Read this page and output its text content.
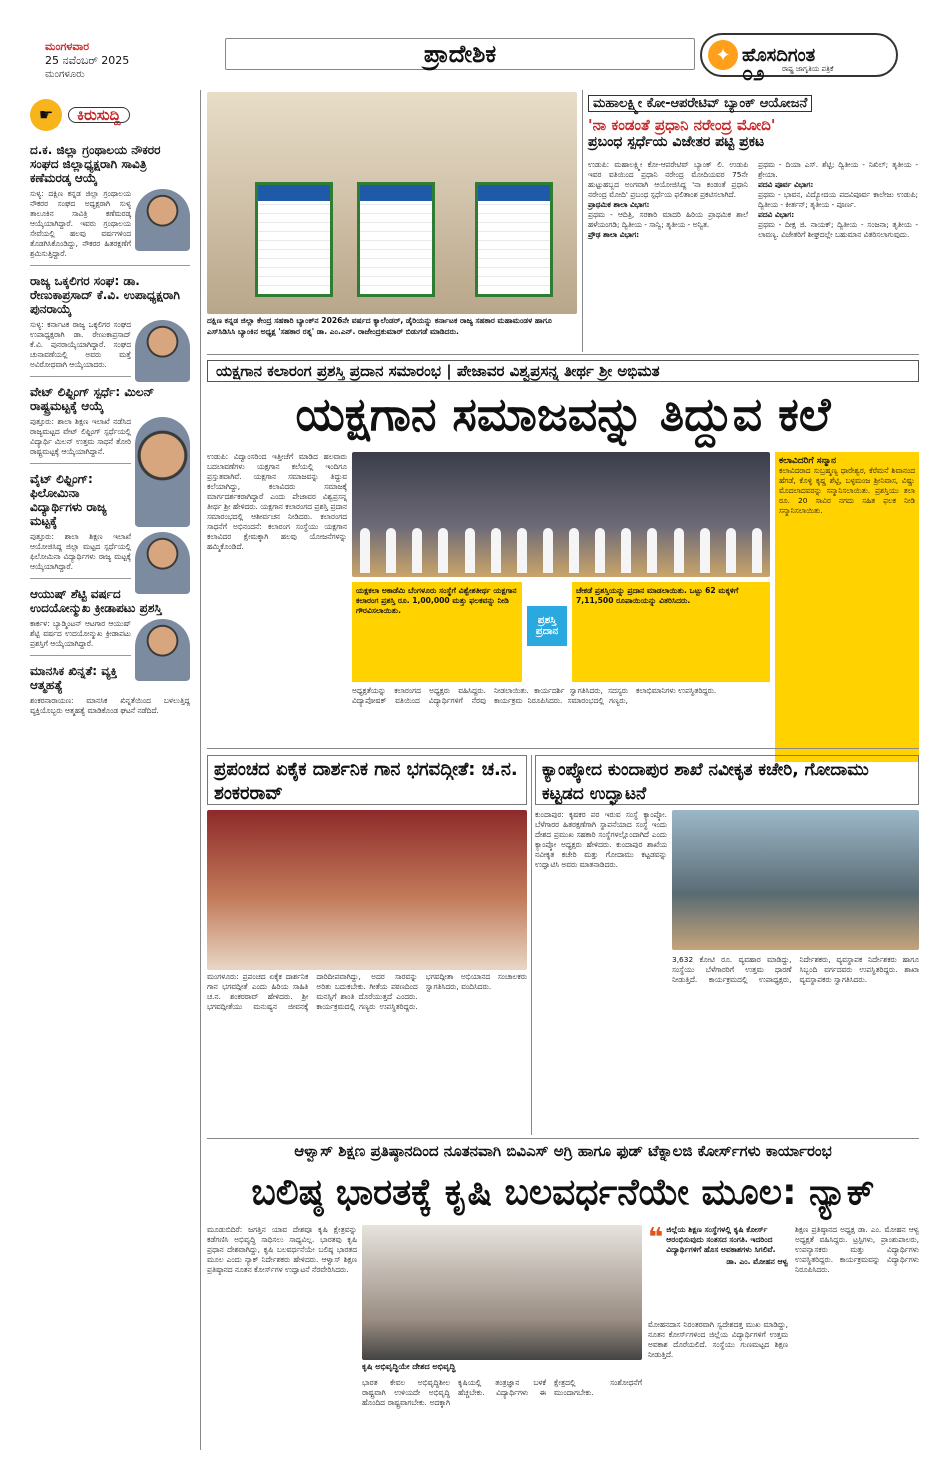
ಮಂಗಳವಾರ
25 ನವೆಂಬರ್ 2025
ಮಂಗಳೂರು
ಪ್ರಾದೇಶಿಕ	✦ ಹೊಸದಿಗಂತ
೦೨	ರಾಷ್ಟ್ರ ಜಾಗೃತಿಯ ಪತ್ರಿಕೆ
☛	ಕಿರುಸುದ್ದಿ
ದ.ಕ. ಜಿಲ್ಲಾ ಗ್ರಂಥಾಲಯ ನೌಕರರ ಸಂಘದ ಜಿಲ್ಲಾಧ್ಯಕ್ಷರಾಗಿ ಸಾವಿತ್ರಿ ಕಣೆಮರಡ್ಕ ಆಯ್ಕೆ

ಸುಳ್ಯ: ದಕ್ಷಿಣ ಕನ್ನಡ ಜಿಲ್ಲಾ ಗ್ರಂಥಾಲಯ ನೌಕರರ ಸಂಘದ ಅಧ್ಯಕ್ಷರಾಗಿ ಸುಳ್ಯ ತಾಲೂಕಿನ ಸಾವಿತ್ರಿ ಕಣೆಮರಡ್ಕ ಆಯ್ಕೆಯಾಗಿದ್ದಾರೆ. ಇವರು ಗ್ರಂಥಾಲಯ ಸೇವೆಯಲ್ಲಿ ಹಲವು ವರ್ಷಗಳಿಂದ ತೊಡಗಿಸಿಕೊಂಡಿದ್ದು, ನೌಕರರ ಹಿತರಕ್ಷಣೆಗೆ ಶ್ರಮಿಸುತ್ತಿದ್ದಾರೆ.

ರಾಜ್ಯ ಒಕ್ಕಲಿಗರ ಸಂಘ: ಡಾ. ರೇಣುಕಾಪ್ರಸಾದ್ ಕೆ.ವಿ. ಉಪಾಧ್ಯಕ್ಷರಾಗಿ ಪುನರಾಯ್ಕೆ

ಸುಳ್ಯ: ಕರ್ನಾಟಕ ರಾಜ್ಯ ಒಕ್ಕಲಿಗರ ಸಂಘದ ಉಪಾಧ್ಯಕ್ಷರಾಗಿ ಡಾ. ರೇಣುಕಾಪ್ರಸಾದ್ ಕೆ.ವಿ. ಪುನರಾಯ್ಕೆಯಾಗಿದ್ದಾರೆ. ಸಂಘದ ಚುನಾವಣೆಯಲ್ಲಿ ಅವರು ಮತ್ತೆ ಅವಿರೋಧವಾಗಿ ಆಯ್ಕೆಯಾದರು.

ವೇಟ್ ಲಿಫ್ಟಿಂಗ್ ಸ್ಪರ್ಧೆ: ಮಿಲನ್ ರಾಷ್ಟ್ರಮಟ್ಟಕ್ಕೆ ಆಯ್ಕೆ

ಪುತ್ತೂರು: ಶಾಲಾ ಶಿಕ್ಷಣ ಇಲಾಖೆ ನಡೆಸಿದ ರಾಜ್ಯಮಟ್ಟದ ವೇಟ್ ಲಿಫ್ಟಿಂಗ್ ಸ್ಪರ್ಧೆಯಲ್ಲಿ ವಿದ್ಯಾರ್ಥಿ ಮಿಲನ್ ಉತ್ತಮ ಸಾಧನೆ ತೋರಿ ರಾಷ್ಟ್ರಮಟ್ಟಕ್ಕೆ ಆಯ್ಕೆಯಾಗಿದ್ದಾನೆ.

ವೈಟ್ ಲಿಫ್ಟಿಂಗ್: ಫಿಲೋಮಿನಾ ವಿದ್ಯಾರ್ಥಿಗಳು ರಾಜ್ಯ ಮಟ್ಟಕ್ಕೆ

ಪುತ್ತೂರು: ಶಾಲಾ ಶಿಕ್ಷಣ ಇಲಾಖೆ ಆಯೋಜಿಸಿದ್ದ ಜಿಲ್ಲಾ ಮಟ್ಟದ ಸ್ಪರ್ಧೆಯಲ್ಲಿ ಫಿಲೋಮಿನಾ ವಿದ್ಯಾರ್ಥಿಗಳು ರಾಜ್ಯ ಮಟ್ಟಕ್ಕೆ ಆಯ್ಕೆಯಾಗಿದ್ದಾರೆ.

ಆಯುಷ್ ಶೆಟ್ಟಿ ವರ್ಷದ ಉದಯೋನ್ಮುಖ ಕ್ರೀಡಾಪಟು ಪ್ರಶಸ್ತಿ

ಕಾರ್ಕಳ: ಬ್ಯಾಡ್ಮಿಂಟನ್ ಆಟಗಾರ ಆಯುಷ್ ಶೆಟ್ಟಿ ವರ್ಷದ ಉದಯೋನ್ಮುಖ ಕ್ರೀಡಾಪಟು ಪ್ರಶಸ್ತಿಗೆ ಆಯ್ಕೆಯಾಗಿದ್ದಾರೆ.

ಮಾನಸಿಕ ಖಿನ್ನತೆ: ವ್ಯಕ್ತಿ ಆತ್ಮಹತ್ಯೆ

ಶಂಕರನಾರಾಯಣ: ಮಾನಸಿಕ ಖಿನ್ನತೆಯಿಂದ ಬಳಲುತ್ತಿದ್ದ ವ್ಯಕ್ತಿಯೊಬ್ಬರು ಆತ್ಮಹತ್ಯೆ ಮಾಡಿಕೊಂಡ ಘಟನೆ ನಡೆದಿದೆ.

ದಕ್ಷಿಣ ಕನ್ನಡ ಜಿಲ್ಲಾ ಕೇಂದ್ರ ಸಹಕಾರಿ ಬ್ಯಾಂಕ್‌ನ 2026ನೇ ವರ್ಷದ ಕ್ಯಾಲೆಂಡರ್, ಡೈರಿಯನ್ನು ಕರ್ನಾಟಕ ರಾಜ್ಯ ಸಹಕಾರ ಮಹಾಮಂಡಳ ಹಾಗೂ ಎಸ್‌ಸಿಡಿಸಿಸಿ ಬ್ಯಾಂಕಿನ ಅಧ್ಯಕ್ಷ 'ಸಹಕಾರ ರತ್ನ' ಡಾ. ಎಂ.ಎನ್. ರಾಜೇಂದ್ರಕುಮಾರ್ ಬಿಡುಗಡೆ ಮಾಡಿದರು.
ಮಹಾಲಕ್ಷ್ಮೀ ಕೋ-ಆಪರೇಟಿವ್ ಬ್ಯಾಂಕ್ ಆಯೋಜನೆ
'ನಾ ಕಂಡಂತೆ ಪ್ರಧಾನಿ ನರೇಂದ್ರ ಮೋದಿ'
ಪ್ರಬಂಧ ಸ್ಪರ್ಧೆಯ ವಿಜೇತರ ಪಟ್ಟಿ ಪ್ರಕಟ

ಉಡುಪಿ: ಮಹಾಲಕ್ಷ್ಮೀ ಕೋ-ಆಪರೇಟಿವ್ ಬ್ಯಾಂಕ್ ಲಿ. ಉಡುಪಿ ಇವರ ವತಿಯಿಂದ ಪ್ರಧಾನಿ ನರೇಂದ್ರ ಮೋದಿಯವರ 75ನೇ ಹುಟ್ಟುಹಬ್ಬದ ಅಂಗವಾಗಿ ಆಯೋಜಿಸಿದ್ದ 'ನಾ ಕಂಡಂತೆ ಪ್ರಧಾನಿ ನರೇಂದ್ರ ಮೋದಿ' ಪ್ರಬಂಧ ಸ್ಪರ್ಧೆಯ ಫಲಿತಾಂಶ ಪ್ರಕಟಿಸಲಾಗಿದೆ.

ಪ್ರಾಥಮಿಕ ಶಾಲಾ ವಿಭಾಗ:

ಪ್ರಥಮ - ಆದಿತ್ರಿ, ಸರಕಾರಿ ಮಾದರಿ ಹಿರಿಯ ಪ್ರಾಥಮಿಕ ಶಾಲೆ ಹಳೆಯಂಗಡಿ; ದ್ವಿತೀಯ - ಸಾನ್ವಿ; ತೃತೀಯ - ಅನ್ವಿತ.

ಪ್ರೌಢ ಶಾಲಾ ವಿಭಾಗ:

ಪ್ರಥಮ - ದಿಯಾ ಎಸ್. ಶೆಟ್ಟಿ; ದ್ವಿತೀಯ - ನಿಖಿಲ್; ತೃತೀಯ - ಶ್ರೇಯಾ.

ಪದವಿ ಪೂರ್ವ ವಿಭಾಗ:

ಪ್ರಥಮ - ಭಾವನ, ವಿದ್ಯೋದಯ ಪದವಿಪೂರ್ವ ಕಾಲೇಜು ಉಡುಪಿ; ದ್ವಿತೀಯ - ಕೀರ್ತನ್; ತೃತೀಯ - ಪೂರ್ಣ.

ಪದವಿ ವಿಭಾಗ:

ಪ್ರಥಮ - ದೀಕ್ಷ ಜಿ. ನಾಯಕ್; ದ್ವಿತೀಯ - ಸಂಜನಾ; ತೃತೀಯ - ಲಾವಣ್ಯ. ವಿಜೇತರಿಗೆ ಶೀಘ್ರದಲ್ಲೇ ಬಹುಮಾನ ವಿತರಿಸಲಾಗುವುದು.

ಯಕ್ಷಗಾನ ಕಲಾರಂಗ ಪ್ರಶಸ್ತಿ ಪ್ರದಾನ ಸಮಾರಂಭ | ಪೇಜಾವರ ವಿಶ್ವಪ್ರಸನ್ನ ತೀರ್ಥ ಶ್ರೀ ಅಭಿಮತ
ಯಕ್ಷಗಾನ ಸಮಾಜವನ್ನು ತಿದ್ದುವ ಕಲೆ
ಉಡುಪಿ: ವಿದ್ವಾಂಸರಿಂದ ಇತ್ತೀಚೆಗೆ ಮಾಡಿದ ಹಲವಾರು ಬದಲಾವಣೆಗಳು ಯಕ್ಷಗಾನ ಕಲೆಯಲ್ಲಿ ಇಂದಿಗೂ ಪ್ರಸ್ತುತವಾಗಿವೆ. ಯಕ್ಷಗಾನ ಸಮಾಜವನ್ನು ತಿದ್ದುವ ಕಲೆಯಾಗಿದ್ದು, ಕಲಾವಿದರು ಸಮಾಜಕ್ಕೆ ಮಾರ್ಗದರ್ಶಕರಾಗಿದ್ದಾರೆ ಎಂದು ಪೇಜಾವರ ವಿಶ್ವಪ್ರಸನ್ನ ತೀರ್ಥ ಶ್ರೀ ಹೇಳಿದರು. ಯಕ್ಷಗಾನ ಕಲಾರಂಗದ ಪ್ರಶಸ್ತಿ ಪ್ರದಾನ ಸಮಾರಂಭದಲ್ಲಿ ಆಶೀರ್ವಚನ ನೀಡಿದರು. ಕಲಾರಂಗದ ಸಾಧನೆಗೆ ಅಭಿನಂದನೆ: ಕಲಾರಂಗ ಸಂಸ್ಥೆಯು ಯಕ್ಷಗಾನ ಕಲಾವಿದರ ಕ್ಷೇಮಕ್ಕಾಗಿ ಹಲವು ಯೋಜನೆಗಳನ್ನು ಹಮ್ಮಿಕೊಂಡಿದೆ.
ಕಲಾವಿದರಿಗೆ ಸನ್ಮಾನ

ಕಲಾವಿದರಾದ ಸುಬ್ರಹ್ಮಣ್ಯ ಧಾರೇಶ್ವರ, ಕೆರೆಮನೆ ಶಿವಾನಂದ ಹೆಗಡೆ, ಕೊಳ್ಳಿ ಕೃಷ್ಣ ಶೆಟ್ಟಿ, ಬಳ್ಳಮಂಜ ಶ್ರೀನಿವಾಸ, ವಿಷ್ಣು ಮೊದಲಾದವರನ್ನು ಸನ್ಮಾನಿಸಲಾಯಿತು. ಪ್ರಶಸ್ತಿಯು ತಲಾ ರೂ. 20 ಸಾವಿರ ನಗದು ಸಹಿತ ಫಲಕ ನೀಡಿ ಸನ್ಮಾನಿಸಲಾಯಿತು.

ಯಕ್ಷಕಲಾ ಅಕಾಡೆಮಿ ಬೆಂಗಳೂರು ಸಂಸ್ಥೆಗೆ ವಿಶ್ವೇಶತೀರ್ಥ ಯಕ್ಷಗಾನ ಕಲಾರಂಗ ಪ್ರಶಸ್ತಿ ರೂ. 1,00,000 ಮತ್ತು ಫಲಕವನ್ನು ನೀಡಿ ಗೌರವಿಸಲಾಯಿತು.
ಪ್ರಶಸ್ತಿ ಪ್ರದಾನ
ಚೇಕಡೆ ಪ್ರಶಸ್ತಿಯನ್ನು ಪ್ರದಾನ ಮಾಡಲಾಯಿತು. ಒಟ್ಟು 62 ಮಕ್ಕಳಿಗೆ 7,11,500 ರೂಪಾಯಿಯನ್ನು ವಿತರಿಸಿದರು.
ಅಧ್ಯಕ್ಷತೆಯನ್ನು ಕಲಾರಂಗದ ಅಧ್ಯಕ್ಷರು ವಹಿಸಿದ್ದರು. ವಿದ್ಯಾಪೋಷಕ್ ವತಿಯಿಂದ ವಿದ್ಯಾರ್ಥಿಗಳಿಗೆ ನೆರವು ನೀಡಲಾಯಿತು. ಕಾರ್ಯದರ್ಶಿ ಸ್ವಾಗತಿಸಿದರು, ಸದಸ್ಯರು ಕಾರ್ಯಕ್ರಮ ನಿರೂಪಿಸಿದರು. ಸಮಾರಂಭದಲ್ಲಿ ಗಣ್ಯರು, ಕಲಾಭಿಮಾನಿಗಳು ಉಪಸ್ಥಿತರಿದ್ದರು.
ಪ್ರಪಂಚದ ಏಕೈಕ ದಾರ್ಶನಿಕ ಗಾನ ಭಗವದ್ಗೀತೆ: ಚ.ನ. ಶಂಕರರಾವ್
ಮಂಗಳೂರು: ಪ್ರಪಂಚದ ಏಕೈಕ ದಾರ್ಶನಿಕ ಗಾನ ಭಗವದ್ಗೀತೆ ಎಂದು ಹಿರಿಯ ಸಾಹಿತಿ ಚ.ನ. ಶಂಕರರಾವ್ ಹೇಳಿದರು. ಶ್ರೀ ಭಗವದ್ಗೀತೆಯು ಮನುಷ್ಯನ ಜೀವನಕ್ಕೆ ದಾರಿದೀಪವಾಗಿದ್ದು, ಅದರ ಸಾರವನ್ನು ಅರಿತು ಬದುಕಬೇಕು. ಗೀತೆಯ ಪಠಣದಿಂದ ಮನಸ್ಸಿಗೆ ಶಾಂತಿ ದೊರೆಯುತ್ತದೆ ಎಂದರು. ಕಾರ್ಯಕ್ರಮದಲ್ಲಿ ಗಣ್ಯರು ಉಪಸ್ಥಿತರಿದ್ದರು. ಭಗವದ್ಗೀತಾ ಅಭಿಯಾನದ ಸಂಚಾಲಕರು ಸ್ವಾಗತಿಸಿದರು, ವಂದಿಸಿದರು.
ಕ್ಯಾಂಪ್ಕೋದ ಕುಂದಾಪುರ ಶಾಖೆ ನವೀಕೃತ ಕಚೇರಿ, ಗೋದಾಮು ಕಟ್ಟಡದ ಉದ್ಘಾಟನೆ
ಕುಂದಾಪುರ: ಕೃಷಕರ ಪರ ಇರುವ ಸಂಸ್ಥೆ ಕ್ಯಾಂಪ್ಕೋ. ಬೆಳೆಗಾರರ ಹಿತರಕ್ಷಣೆಗಾಗಿ ಸ್ಥಾಪನೆಯಾದ ಸಂಸ್ಥೆ ಇಂದು ದೇಶದ ಪ್ರಮುಖ ಸಹಕಾರಿ ಸಂಸ್ಥೆಗಳಲ್ಲೊಂದಾಗಿದೆ ಎಂದು ಕ್ಯಾಂಪ್ಕೋ ಅಧ್ಯಕ್ಷರು ಹೇಳಿದರು. ಕುಂದಾಪುರ ಶಾಖೆಯ ನವೀಕೃತ ಕಚೇರಿ ಮತ್ತು ಗೋದಾಮು ಕಟ್ಟಡವನ್ನು ಉದ್ಘಾಟಿಸಿ ಅವರು ಮಾತನಾಡಿದರು.
3,632 ಕೋಟಿ ರೂ. ವ್ಯವಹಾರ ಮಾಡಿದ್ದು, ಸಂಸ್ಥೆಯು ಬೆಳೆಗಾರರಿಗೆ ಉತ್ತಮ ಧಾರಣೆ ನೀಡುತ್ತಿದೆ. ಕಾರ್ಯಕ್ರಮದಲ್ಲಿ ಉಪಾಧ್ಯಕ್ಷರು, ನಿರ್ದೇಶಕರು, ವ್ಯವಸ್ಥಾಪಕ ನಿರ್ದೇಶಕರು ಹಾಗೂ ಸಿಬ್ಬಂದಿ ವರ್ಗದವರು ಉಪಸ್ಥಿತರಿದ್ದರು. ಶಾಖಾ ವ್ಯವಸ್ಥಾಪಕರು ಸ್ವಾಗತಿಸಿದರು.
ಆಳ್ವಾಸ್ ಶಿಕ್ಷಣ ಪ್ರತಿಷ್ಠಾನದಿಂದ ನೂತನವಾಗಿ ಬಿವಿಎಸ್ ಅಗ್ರಿ ಹಾಗೂ ಫುಡ್ ಟೆಕ್ನಾಲಜಿ ಕೋರ್ಸ್‌ಗಳು ಕಾರ್ಯಾರಂಭ
ಬಲಿಷ್ಠ ಭಾರತಕ್ಕೆ ಕೃಷಿ ಬಲವರ್ಧನೆಯೇ ಮೂಲ: ನ್ಯಾಕ್
ಮೂಡುಬಿದಿರೆ: ಜಗತ್ತಿನ ಯಾವ ದೇಶವೂ ಕೃಷಿ ಕ್ಷೇತ್ರವನ್ನು ಕಡೆಗಣಿಸಿ ಅಭಿವೃದ್ಧಿ ಸಾಧಿಸಲು ಸಾಧ್ಯವಿಲ್ಲ. ಭಾರತವು ಕೃಷಿ ಪ್ರಧಾನ ದೇಶವಾಗಿದ್ದು, ಕೃಷಿ ಬಲವರ್ಧನೆಯೇ ಬಲಿಷ್ಠ ಭಾರತದ ಮೂಲ ಎಂದು ನ್ಯಾಕ್ ನಿರ್ದೇಶಕರು ಹೇಳಿದರು. ಆಳ್ವಾಸ್ ಶಿಕ್ಷಣ ಪ್ರತಿಷ್ಠಾನದ ನೂತನ ಕೋರ್ಸ್‌ಗಳ ಉದ್ಘಾಟನೆ ನೆರವೇರಿಸಿದರು.
ಕೃಷಿ ಅಭಿವೃದ್ಧಿಯೇ ದೇಶದ ಅಭಿವೃದ್ಧಿ
ಭಾರತ ಕೇವಲ ಅಭಿವೃದ್ಧಿಶೀಲ ರಾಷ್ಟ್ರವಾಗಿ ಉಳಿಯದೇ ಅಭಿವೃದ್ಧಿ ಹೊಂದಿದ ರಾಷ್ಟ್ರವಾಗಬೇಕು. ಅದಕ್ಕಾಗಿ ಕೃಷಿಯಲ್ಲಿ ತಂತ್ರಜ್ಞಾನ ಬಳಕೆ ಹೆಚ್ಚಬೇಕು. ವಿದ್ಯಾರ್ಥಿಗಳು ಈ ಕ್ಷೇತ್ರದಲ್ಲಿ ಸಂಶೋಧನೆಗೆ ಮುಂದಾಗಬೇಕು.
❝ ಜಿಲ್ಲೆಯ ಶಿಕ್ಷಣ ಸಂಸ್ಥೆಗಳಲ್ಲಿ ಕೃಷಿ ಕೋರ್ಸ್ ಆರಂಭಿಸುವುದು ಸಂತಸದ ಸಂಗತಿ. ಇದರಿಂದ ವಿದ್ಯಾರ್ಥಿಗಳಿಗೆ ಹೊಸ ಅವಕಾಶಗಳು ಸಿಗಲಿವೆ.
ಡಾ. ಎಂ. ಮೋಹನ ಆಳ್ವ
ಮೋಹನದಾಸ ನಿರಂತರವಾಗಿ ಸ್ವದೇಶದತ್ತ ಮುಖ ಮಾಡಿದ್ದು, ನೂತನ ಕೋರ್ಸ್‌ಗಳಿಂದ ಜಿಲ್ಲೆಯ ವಿದ್ಯಾರ್ಥಿಗಳಿಗೆ ಉತ್ತಮ ಅವಕಾಶ ದೊರೆಯಲಿದೆ. ಸಂಸ್ಥೆಯು ಗುಣಮಟ್ಟದ ಶಿಕ್ಷಣ ನೀಡುತ್ತಿದೆ.
ಶಿಕ್ಷಣ ಪ್ರತಿಷ್ಠಾನದ ಅಧ್ಯಕ್ಷ ಡಾ. ಎಂ. ಮೋಹನ ಆಳ್ವ ಅಧ್ಯಕ್ಷತೆ ವಹಿಸಿದ್ದರು. ಟ್ರಸ್ಟಿಗಳು, ಪ್ರಾಂಶುಪಾಲರು, ಉಪನ್ಯಾಸಕರು ಮತ್ತು ವಿದ್ಯಾರ್ಥಿಗಳು ಉಪಸ್ಥಿತರಿದ್ದರು. ಕಾರ್ಯಕ್ರಮವನ್ನು ವಿದ್ಯಾರ್ಥಿಗಳು ನಿರೂಪಿಸಿದರು.
